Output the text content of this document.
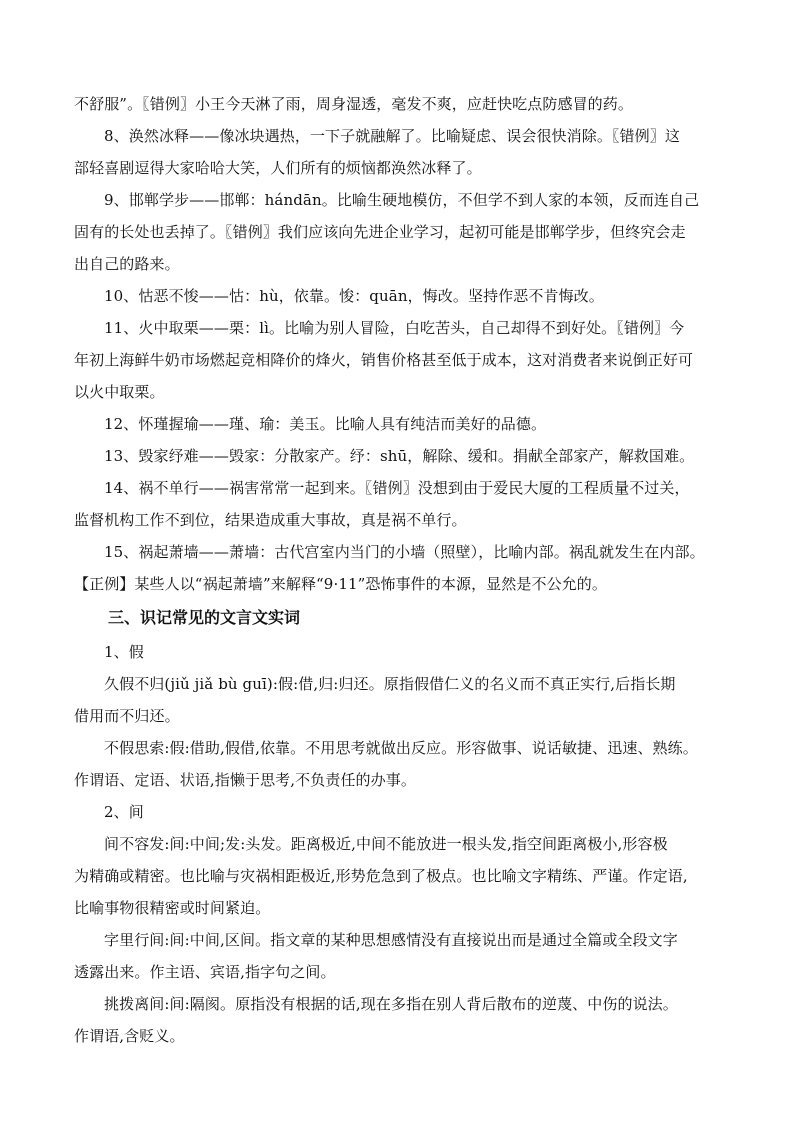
不舒服”。〖错例〗小王今天淋了雨，周身湿透，毫发不爽，应赶快吃点防感冒的药。
8、涣然冰释——像冰块遇热，一下子就融解了。比喻疑虑、误会很快消除。〖错例〗这
部轻喜剧逗得大家哈哈大笑，人们所有的烦恼都涣然冰释了。
9、邯郸学步——邯郸：hándān。比喻生硬地模仿，不但学不到人家的本领，反而连自己
固有的长处也丢掉了。〖错例〗我们应该向先进企业学习，起初可能是邯郸学步，但终究会走
出自己的路来。
10、怙恶不悛——怙：hù，依靠。悛：quān，悔改。坚持作恶不肯悔改。
11、火中取栗——栗：lì。比喻为别人冒险，白吃苦头，自己却得不到好处。〖错例〗今
年初上海鲜牛奶市场燃起竞相降价的烽火，销售价格甚至低于成本，这对消费者来说倒正好可
以火中取栗。
12、怀瑾握瑜——瑾、瑜：美玉。比喻人具有纯洁而美好的品德。
13、毁家纾难——毁家：分散家产。纾：shū，解除、缓和。捐献全部家产，解救国难。
14、祸不单行——祸害常常一起到来。〖错例〗没想到由于爱民大厦的工程质量不过关，
监督机构工作不到位，结果造成重大事故，真是祸不单行。
15、祸起萧墙——萧墙：古代宫室内当门的小墙（照壁），比喻内部。祸乱就发生在内部。
【正例】某些人以“祸起萧墙”来解释“9·11”恐怖事件的本源，显然是不公允的。
三、识记常见的文言文实词
1、假
久假不归(jiǔ jiǎ bù guī):假:借,归:归还。原指假借仁义的名义而不真正实行,后指长期
借用而不归还。
不假思索:假:借助,假借,依靠。不用思考就做出反应。形容做事、说话敏捷、迅速、熟练。
作谓语、定语、状语,指懒于思考,不负责任的办事。
2、间
间不容发:间:中间;发:头发。距离极近,中间不能放进一根头发,指空间距离极小,形容极
为精确或精密。也比喻与灾祸相距极近,形势危急到了极点。也比喻文字精练、严谨。作定语,
比喻事物很精密或时间紧迫。
字里行间:间:中间,区间。指文章的某种思想感情没有直接说出而是通过全篇或全段文字
透露出来。作主语、宾语,指字句之间。
挑拨离间:间:隔阂。原指没有根据的话,现在多指在别人背后散布的逆蔑、中伤的说法。
作谓语,含贬义。
